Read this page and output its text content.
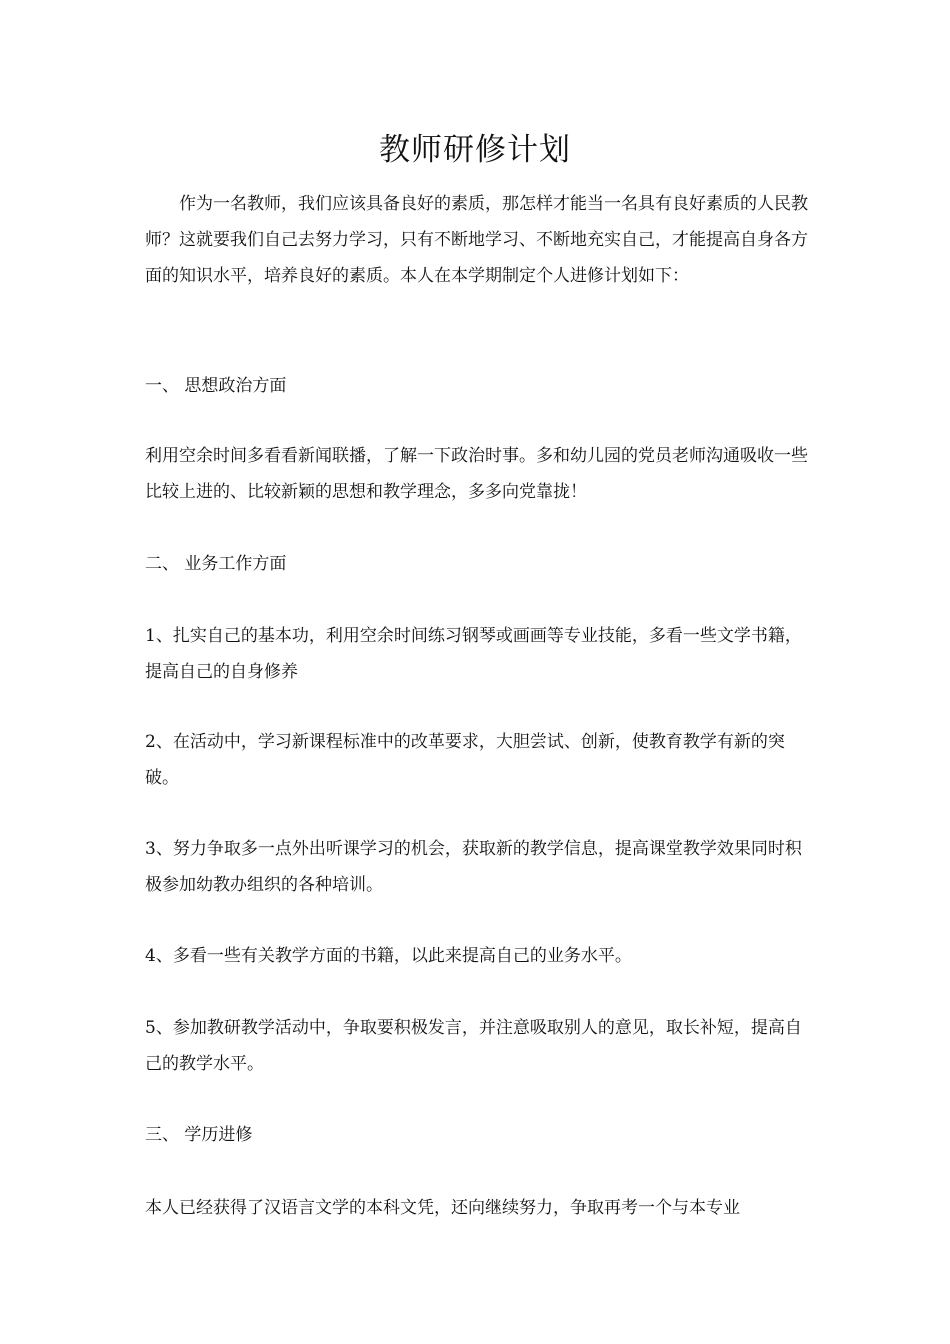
教师研修计划

作为一名教师，我们应该具备良好的素质，那怎样才能当一名具有良好素质的人民教师？这就要我们自己去努力学习，只有不断地学习、不断地充实自己，才能提高自身各方面的知识水平，培养良好的素质。本人在本学期制定个人进修计划如下：

一、 思想政治方面

利用空余时间多看看新闻联播，了解一下政治时事。多和幼儿园的党员老师沟通吸收一些比较上进的、比较新颖的思想和教学理念，多多向党靠拢！

二、 业务工作方面

1、扎实自己的基本功，利用空余时间练习钢琴或画画等专业技能，多看一些文学书籍，提高自己的自身修养

2、在活动中，学习新课程标准中的改革要求，大胆尝试、创新，使教育教学有新的突破。

3、努力争取多一点外出听课学习的机会，获取新的教学信息，提高课堂教学效果同时积极参加幼教办组织的各种培训。

4、多看一些有关教学方面的书籍，以此来提高自己的业务水平。

5、参加教研教学活动中，争取要积极发言，并注意吸取别人的意见，取长补短，提高自己的教学水平。

三、 学历进修

本人已经获得了汉语言文学的本科文凭，还向继续努力，争取再考一个与本专业
